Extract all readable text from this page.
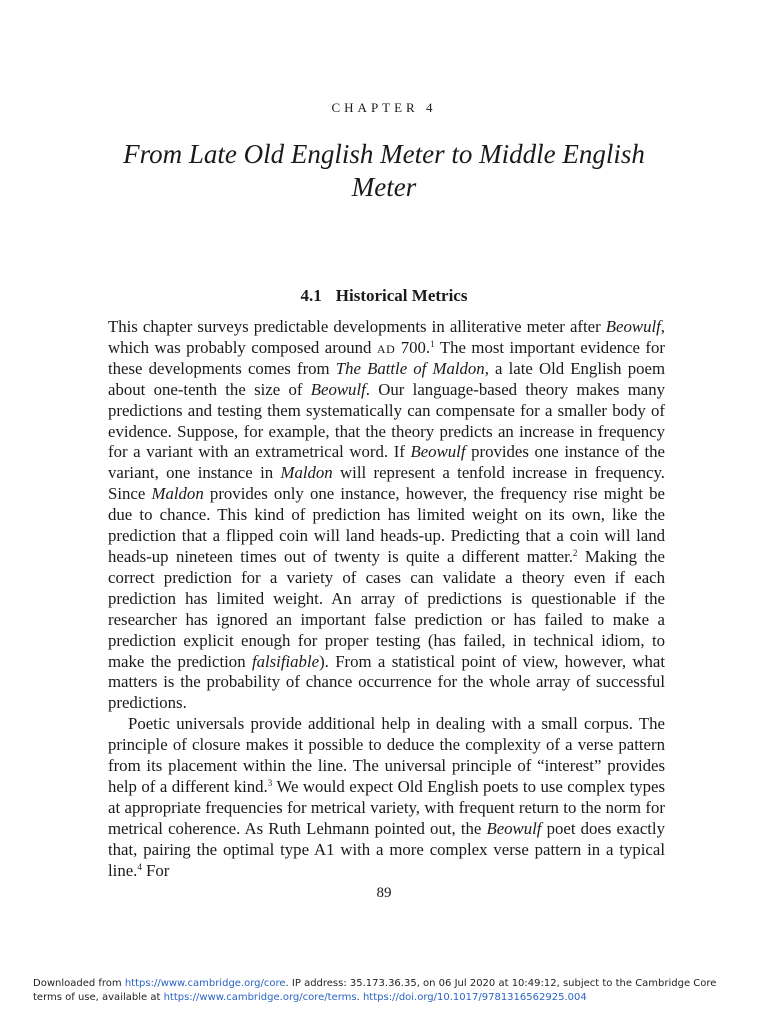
CHAPTER 4
From Late Old English Meter to Middle English Meter
4.1 Historical Metrics

This chapter surveys predictable developments in alliterative meter after Beowulf, which was probably composed around ad 700.$^1$ The most important evidence for these developments comes from The Battle of Maldon, a late Old English poem about one-tenth the size of Beowulf. Our language-based theory makes many predictions and testing them systematically can compensate for a smaller body of evidence. Suppose, for example, that the theory predicts an increase in frequency for a variant with an extrametrical word. If Beowulf provides one instance of the variant, one instance in Maldon will represent a tenfold increase in frequency. Since Maldon provides only one instance, however, the frequency rise might be due to chance. This kind of prediction has limited weight on its own, like the prediction that a flipped coin will land heads-up. Predicting that a coin will land heads-up nineteen times out of twenty is quite a different matter.$^2$ Making the correct prediction for a variety of cases can validate a theory even if each prediction has limited weight. An array of predictions is questionable if the researcher has ignored an important false prediction or has failed to make a prediction explicit enough for proper testing (has failed, in technical idiom, to make the prediction falsifiable). From a statistical point of view, however, what matters is the probability of chance occurrence for the whole array of successful predictions.

Poetic universals provide additional help in dealing with a small corpus. The principle of closure makes it possible to deduce the complexity of a verse pattern from its placement within the line. The universal principle of “interest” provides help of a different kind.$^3$ We would expect Old English poets to use complex types at appropriate frequencies for metrical variety, with frequent return to the norm for metrical coherence. As Ruth Lehmann pointed out, the Beowulf poet does exactly that, pairing the optimal type A1 with a more complex verse pattern in a typical line.$^4$ For

89
Downloaded from https://www.cambridge.org/core. IP address: 35.173.36.35, on 06 Jul 2020 at 10:49:12, subject to the Cambridge Core terms of use, available at https://www.cambridge.org/core/terms. https://doi.org/10.1017/9781316562925.004
